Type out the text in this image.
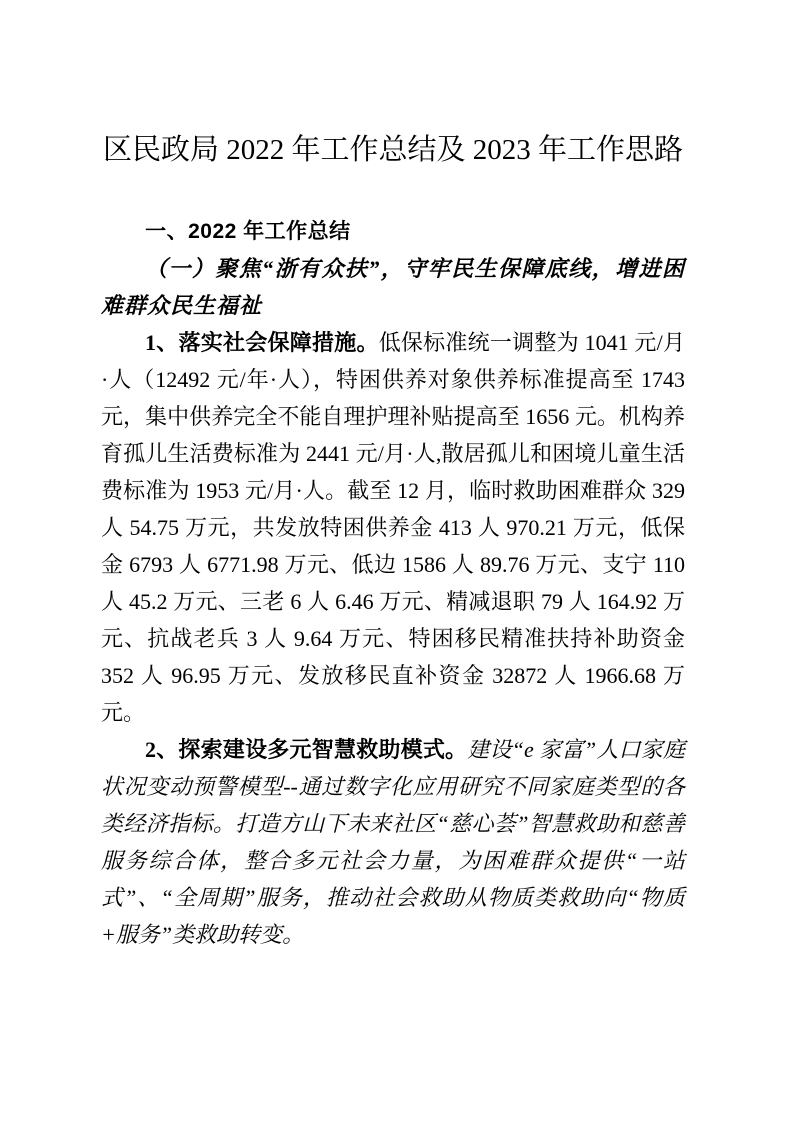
区民政局 2022 年工作总结及 2023 年工作思路
一、2022 年工作总结
（一）聚焦“浙有众扶”，守牢民生保障底线，增进困难群众民生福祉

1、落实社会保障措施。低保标准统一调整为 1041 元/月·人（12492 元/年·人），特困供养对象供养标准提高至 1743 元，集中供养完全不能自理护理补贴提高至 1656 元。机构养育孤儿生活费标准为 2441 元/月·人,散居孤儿和困境儿童生活费标准为 1953 元/月·人。截至 12 月，临时救助困难群众 329 人 54.75 万元，共发放特困供养金 413 人 970.21 万元，低保金 6793 人 6771.98 万元、低边 1586 人 89.76 万元、支宁 110 人 45.2 万元、三老 6 人 6.46 万元、精减退职 79 人 164.92 万元、抗战老兵 3 人 9.64 万元、特困移民精准扶持补助资金 352 人 96.95 万元、发放移民直补资金 32872 人 1966.68 万元。

2、探索建设多元智慧救助模式。建设“e 家富”人口家庭状况变动预警模型--通过数字化应用研究不同家庭类型的各类经济指标。打造方山下未来社区“慈心荟”智慧救助和慈善服务综合体，整合多元社会力量，为困难群众提供“一站式”、“全周期”服务，推动社会救助从物质类救助向“物质+服务”类救助转变。
